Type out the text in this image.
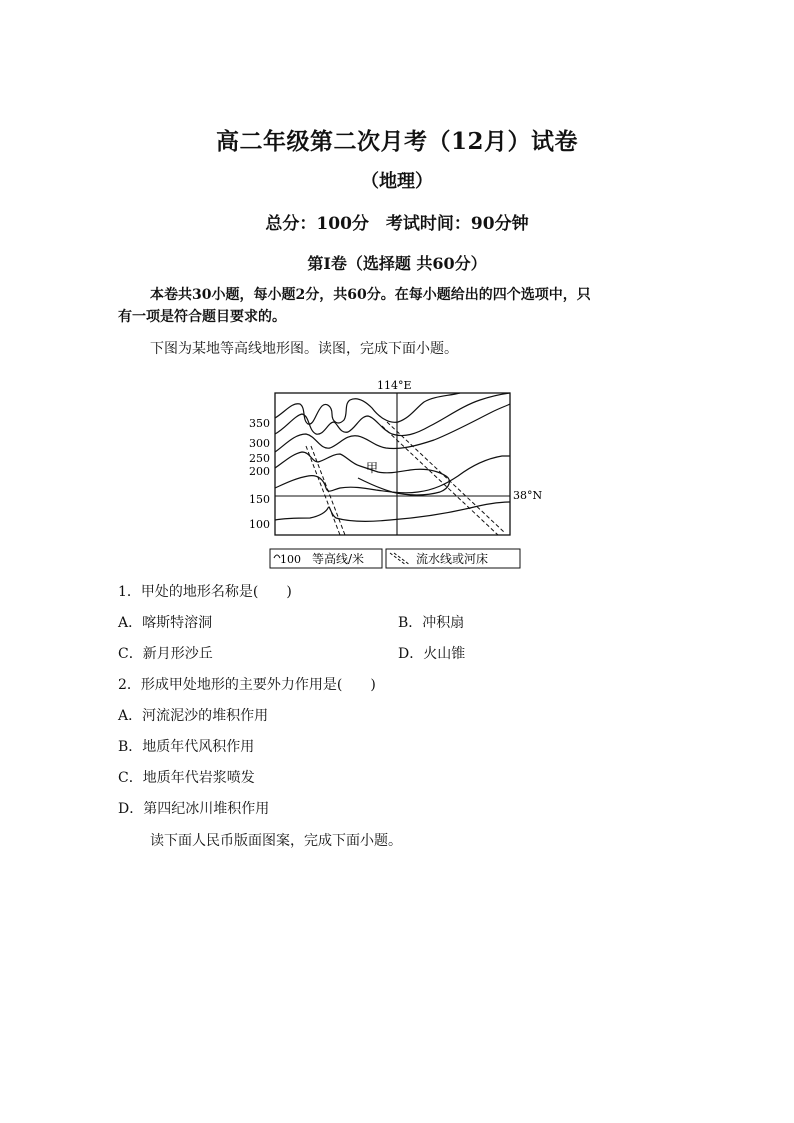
高二年级第二次月考（12月）试卷
（地理）
总分：100分　考试时间：90分钟
第Ⅰ卷（选择题 共60分）
本卷共30小题，每小题2分，共60分。在每小题给出的四个选项中，只
有一项是符合题目要求的。
下图为某地等高线地形图。读图，完成下面小题。
114°E
350
300
250
200
150
100
38°N
甲
100 等高线/米	流水线或河床
1．甲处的地形名称是(　　)
A．喀斯特溶洞	B．冲积扇
C．新月形沙丘	D．火山锥
2．形成甲处地形的主要外力作用是(　　)
A．河流泥沙的堆积作用
B．地质年代风积作用
C．地质年代岩浆喷发
D．第四纪冰川堆积作用
读下面人民币版面图案，完成下面小题。
